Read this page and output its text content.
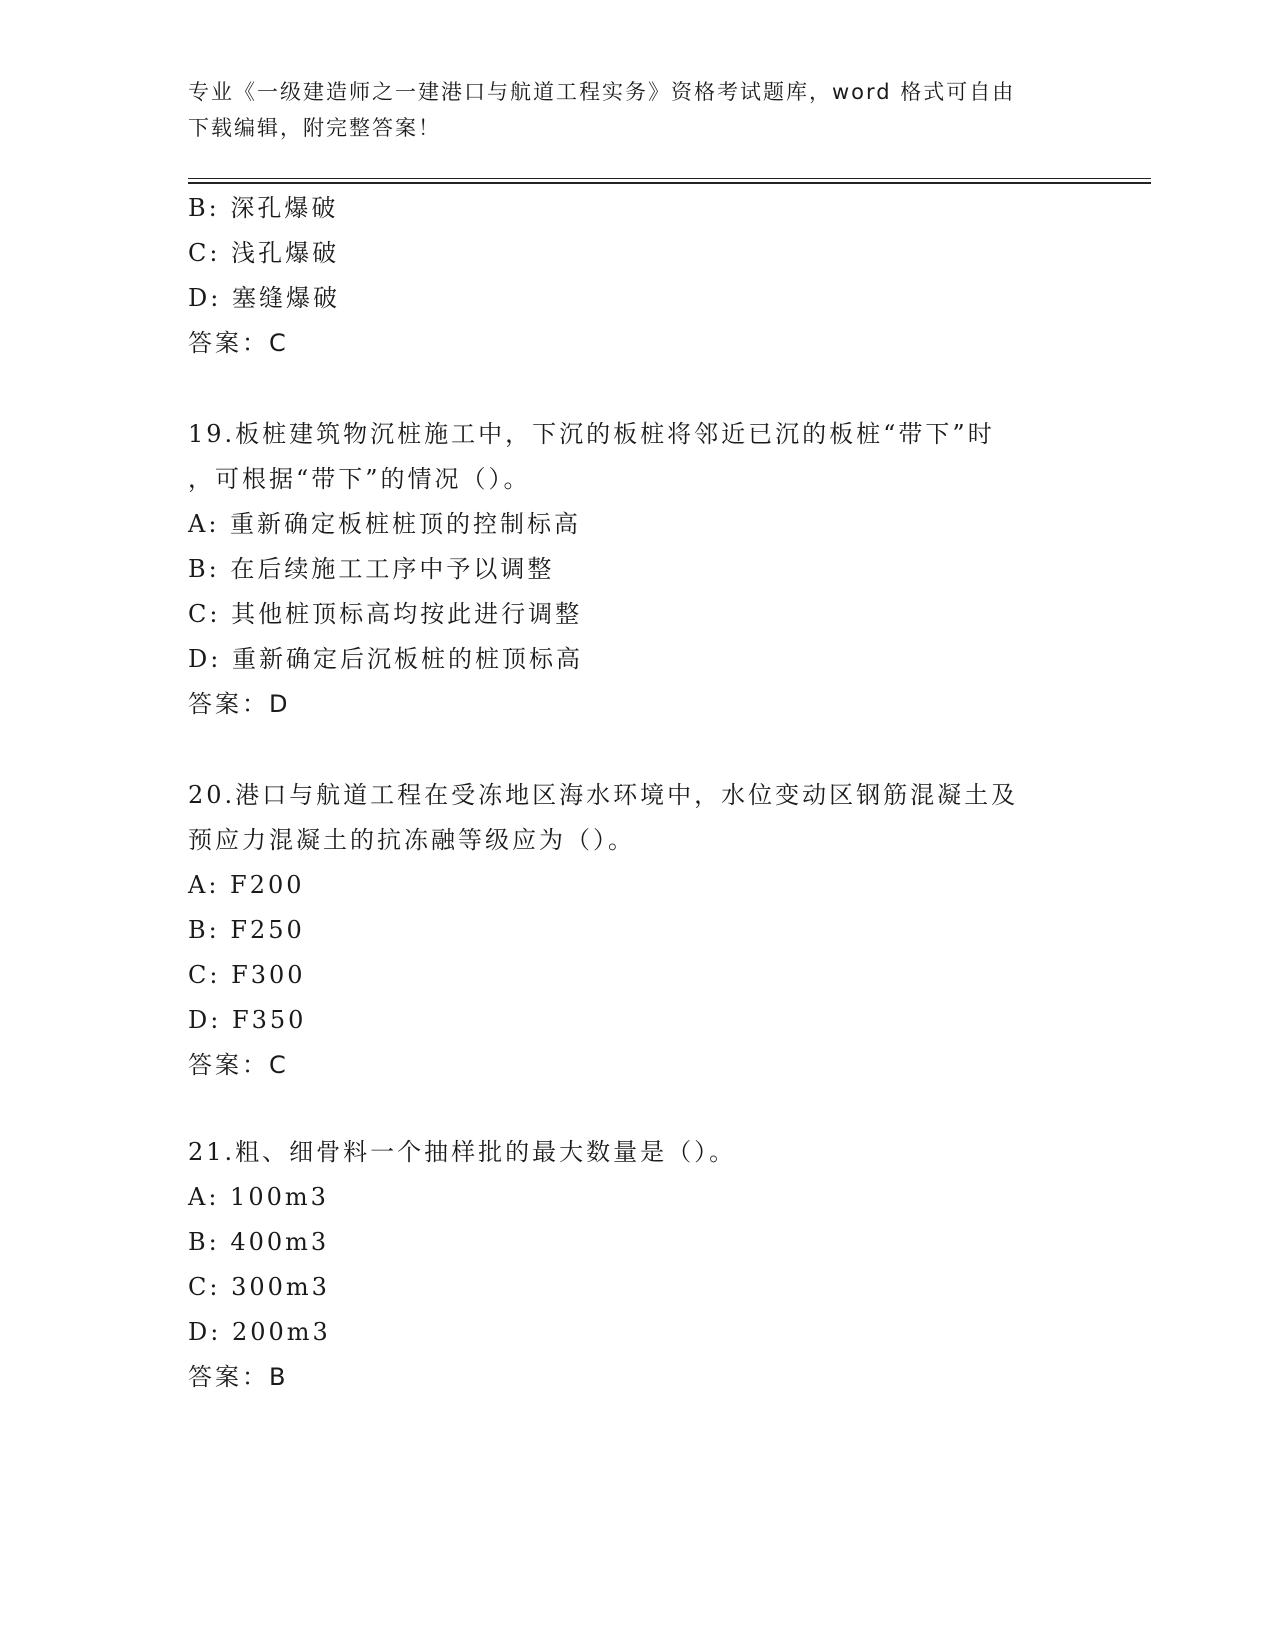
专业《一级建造师之一建港口与航道工程实务》资格考试题库，word 格式可自由
下载编辑，附完整答案！
B: 深孔爆破
C: 浅孔爆破
D: 塞缝爆破
答案：C
19.板桩建筑物沉桩施工中，下沉的板桩将邻近已沉的板桩“带下”时
，可根据“带下”的情况（）。
A: 重新确定板桩桩顶的控制标高
B: 在后续施工工序中予以调整
C: 其他桩顶标高均按此进行调整
D: 重新确定后沉板桩的桩顶标高
答案：D
20.港口与航道工程在受冻地区海水环境中，水位变动区钢筋混凝土及
预应力混凝土的抗冻融等级应为（）。
A: F200
B: F250
C: F300
D: F350
答案：C
21.粗、细骨料一个抽样批的最大数量是（）。
A: 100m3
B: 400m3
C: 300m3
D: 200m3
答案：B
